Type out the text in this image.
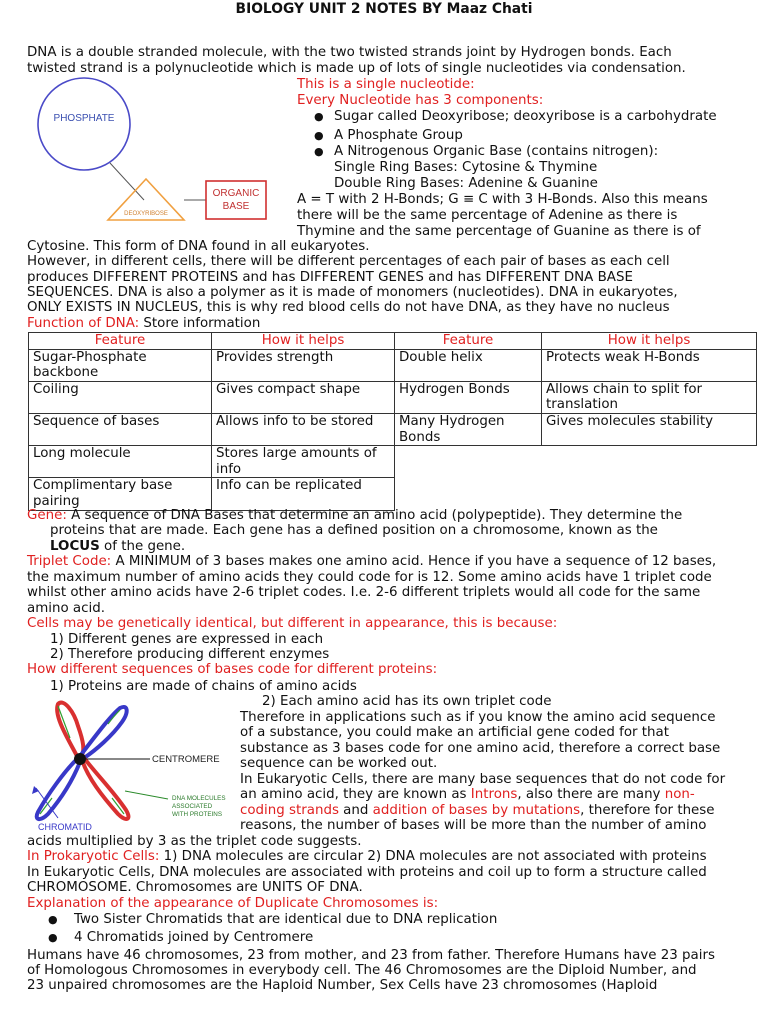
BIOLOGY UNIT 2 NOTES BY Maaz Chati
DNA is a double stranded molecule, with the two twisted strands joint by Hydrogen bonds. Each
twisted strand is a polynucleotide which is made up of lots of single nucleotides via condensation.
PHOSPHATE
DEOXYRIBOSE
ORGANIC
BASE
This is a single nucleotide:
Every Nucleotide has 3 components:
● Sugar called Deoxyribose; deoxyribose is a carbohydrate
● A Phosphate Group
● A Nitrogenous Organic Base (contains nitrogen):
Single Ring Bases: Cytosine & Thymine
Double Ring Bases: Adenine & Guanine
A = T with 2 H-Bonds; G ≡ C with 3 H-Bonds. Also this means
there will be the same percentage of Adenine as there is
Thymine and the same percentage of Guanine as there is of
Cytosine. This form of DNA found in all eukaryotes.
However, in different cells, there will be different percentages of each pair of bases as each cell
produces DIFFERENT PROTEINS and has DIFFERENT GENES and has DIFFERENT DNA BASE
SEQUENCES. DNA is also a polymer as it is made of monomers (nucleotides). DNA in eukaryotes,
ONLY EXISTS IN NUCLEUS, this is why red blood cells do not have DNA, as they have no nucleus
Function of DNA: Store information
Feature	How it helps	Feature	How it helps
Sugar-Phosphate backbone	Provides strength	Double helix	Protects weak H-Bonds
Coiling	Gives compact shape	Hydrogen Bonds	Allows chain to split for translation
Sequence of bases	Allows info to be stored	Many Hydrogen Bonds	Gives molecules stability
Long molecule	Stores large amounts of info		
Complimentary base pairing	Info can be replicated		
Gene: A sequence of DNA Bases that determine an amino acid (polypeptide). They determine the
proteins that are made. Each gene has a defined position on a chromosome, known as the
LOCUS of the gene.
Triplet Code: A MINIMUM of 3 bases makes one amino acid. Hence if you have a sequence of 12 bases,
the maximum number of amino acids they could code for is 12. Some amino acids have 1 triplet code
whilst other amino acids have 2-6 triplet codes. I.e. 2-6 different triplets would all code for the same
amino acid.
Cells may be genetically identical, but different in appearance, this is because:
1) Different genes are expressed in each
2) Therefore producing different enzymes
How different sequences of bases code for different proteins:
1) Proteins are made of chains of amino acids
2) Each amino acid has its own triplet code
CENTROMERE
CHROMATID
DNA MOLECULES
ASSOCIATED
WITH PROTEINS
Therefore in applications such as if you know the amino acid sequence
of a substance, you could make an artificial gene coded for that
substance as 3 bases code for one amino acid, therefore a correct base
sequence can be worked out.
In Eukaryotic Cells, there are many base sequences that do not code for
an amino acid, they are known as Introns, also there are many non-
coding strands and addition of bases by mutations, therefore for these
reasons, the number of bases will be more than the number of amino
acids multiplied by 3 as the triplet code suggests.
In Prokaryotic Cells: 1) DNA molecules are circular 2) DNA molecules are not associated with proteins
In Eukaryotic Cells, DNA molecules are associated with proteins and coil up to form a structure called
CHROMOSOME. Chromosomes are UNITS OF DNA.
Explanation of the appearance of Duplicate Chromosomes is:
● Two Sister Chromatids that are identical due to DNA replication
● 4 Chromatids joined by Centromere
Humans have 46 chromosomes, 23 from mother, and 23 from father. Therefore Humans have 23 pairs
of Homologous Chromosomes in everybody cell. The 46 Chromosomes are the Diploid Number, and
23 unpaired chromosomes are the Haploid Number, Sex Cells have 23 chromosomes (Haploid
